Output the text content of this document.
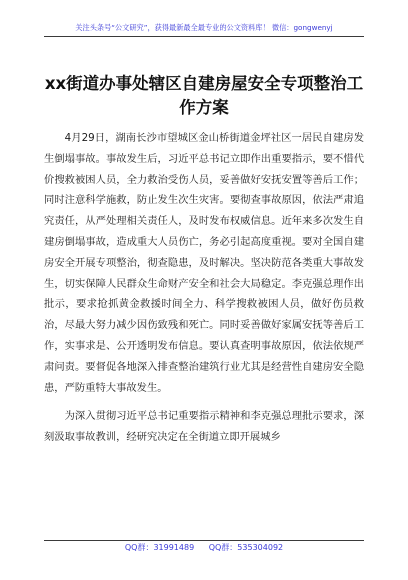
关注头条号“公文研究”，获得最新最全最专业的公文资料库！ 微信：gongwenyj
xx街道办事处辖区自建房屋安全专项整治工作方案

4月29日，湖南长沙市望城区金山桥街道金坪社区一居民自建房发生倒塌事故。事故发生后，习近平总书记立即作出重要指示，要不惜代价搜救被困人员，全力救治受伤人员，妥善做好安抚安置等善后工作；同时注意科学施救，防止发生次生灾害。要彻查事故原因，依法严肃追究责任，从严处理相关责任人，及时发布权威信息。近年来多次发生自建房倒塌事故，造成重大人员伤亡，务必引起高度重视。要对全国自建房安全开展专项整治，彻查隐患，及时解决。坚决防范各类重大事故发生，切实保障人民群众生命财产安全和社会大局稳定。李克强总理作出批示，要求抢抓黄金救援时间全力、科学搜救被困人员，做好伤员救治，尽最大努力减少因伤致残和死亡。同时妥善做好家属安抚等善后工作，实事求是、公开透明发布信息。要认真查明事故原因，依法依规严肃问责。要督促各地深入排查整治建筑行业尤其是经营性自建房安全隐患，严防重特大事故发生。

为深入贯彻习近平总书记重要指示精神和李克强总理批示要求，深刻汲取事故教训，经研究决定在全街道立即开展城乡

QQ群：31991489 QQ群：535304092
